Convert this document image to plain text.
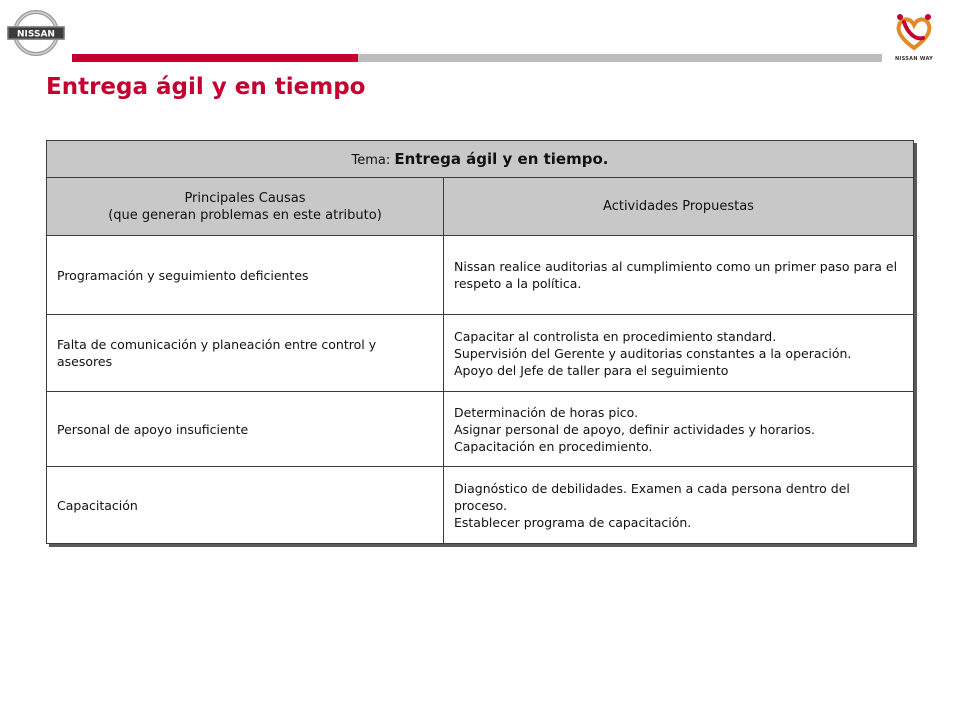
NISSAN
NISSAN WAY
Entrega ágil y en tiempo
Tema: Entrega ágil y en tiempo.	

Principales Causas
(que generan problemas en este atributo)	Actividades Propuestas
Programación y seguimiento deficientes	Nissan realice auditorias al cumplimiento como un primer paso para el respeto a la política.

Falta de comunicación y planeación entre control y asesores	Capacitar al controlista en procedimiento standard.
Supervisión del Gerente y auditorias constantes a la operación.
Apoyo del Jefe de taller para el seguimiento

Personal de apoyo insuficiente	Determinación de horas pico.
Asignar personal de apoyo, definir actividades y horarios.
Capacitación en procedimiento.

Capacitación	Diagnóstico de debilidades. Examen a cada persona dentro del proceso.
Establecer programa de capacitación.
